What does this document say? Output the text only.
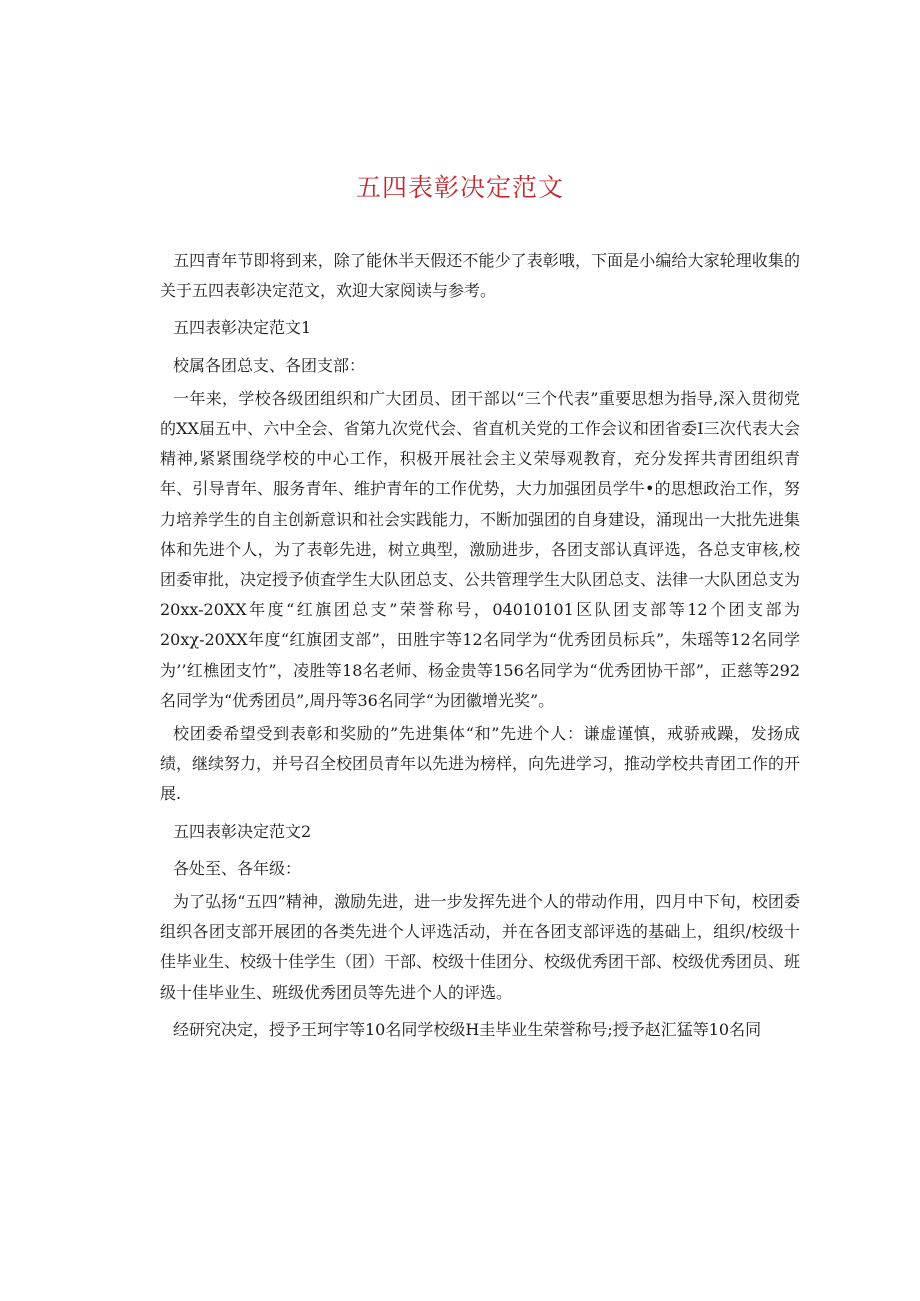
五四表彰决定范文

五四青年节即将到来，除了能休半天假还不能少了表彰哦，下面是小编给大家轮理收集的关于五四表彰决定范文，欢迎大家阅读与参考。

五四表彰决定范文1

校属各团总支、各团支部：

一年来，学校各级团组织和广大团员、团干部以“三个代表”重要思想为指导,深入贯彻党的XX届五中、六中全会、省第九次党代会、省直机关党的工作会议和团省委I三次代表大会精神,紧紧围绕学校的中心工作，积极开展社会主义荣辱观教育，充分发挥共青团组织青年、引导青年、服务青年、维护青年的工作优势，大力加强团员学牛•的思想政治工作，努力培养学生的自主创新意识和社会实践能力，不断加强团的自身建设，涌现出一大批先进集体和先进个人，为了表彰先进，树立典型，激励进步，各团支部认真评选，各总支审核,校团委审批，决定授予侦査学生大队团总支、公共管理学生大队团总支、法律一大队团总支为20xx-20XX年度“红旗团总支”荣誉称号，04010101区队团支部等12个团支部为20xχ-20XX年度“红旗团支部”，田胜宇等12名同学为“优秀团员标兵”，朱瑶等12名同学为’’红樵团支竹”，凌胜等18名老师、杨金贵等156名同学为“优秀团协干部”，正慈等292名同学为“优秀团员”,周丹等36名同学“为团徽增光奖”。

校团委希望受到表彰和奖励的”先进集体“和”先进个人：谦虚谨慎，戒骄戒躁，发扬成绩，继续努力，并号召全校团员青年以先进为榜样，向先进学习，推动学校共青团工作的开展.

五四表彰决定范文2

各处至、各年级：

为了弘扬“五四”精神，激励先进，进一步发挥先进个人的带动作用，四月中下旬，校团委组织各团支部开展团的各类先进个人评选活动，并在各团支部评选的基础上，组织/校级十佳毕业生、校级十佳学生（团）干部、校级十佳团分、校级优秀团干部、校级优秀团员、班级十佳毕业生、班级优秀团员等先进个人的评选。

经研究决定，授予王珂宇等10名同学校级H圭毕业生荣誉称号;授予赵汇猛等10名同
